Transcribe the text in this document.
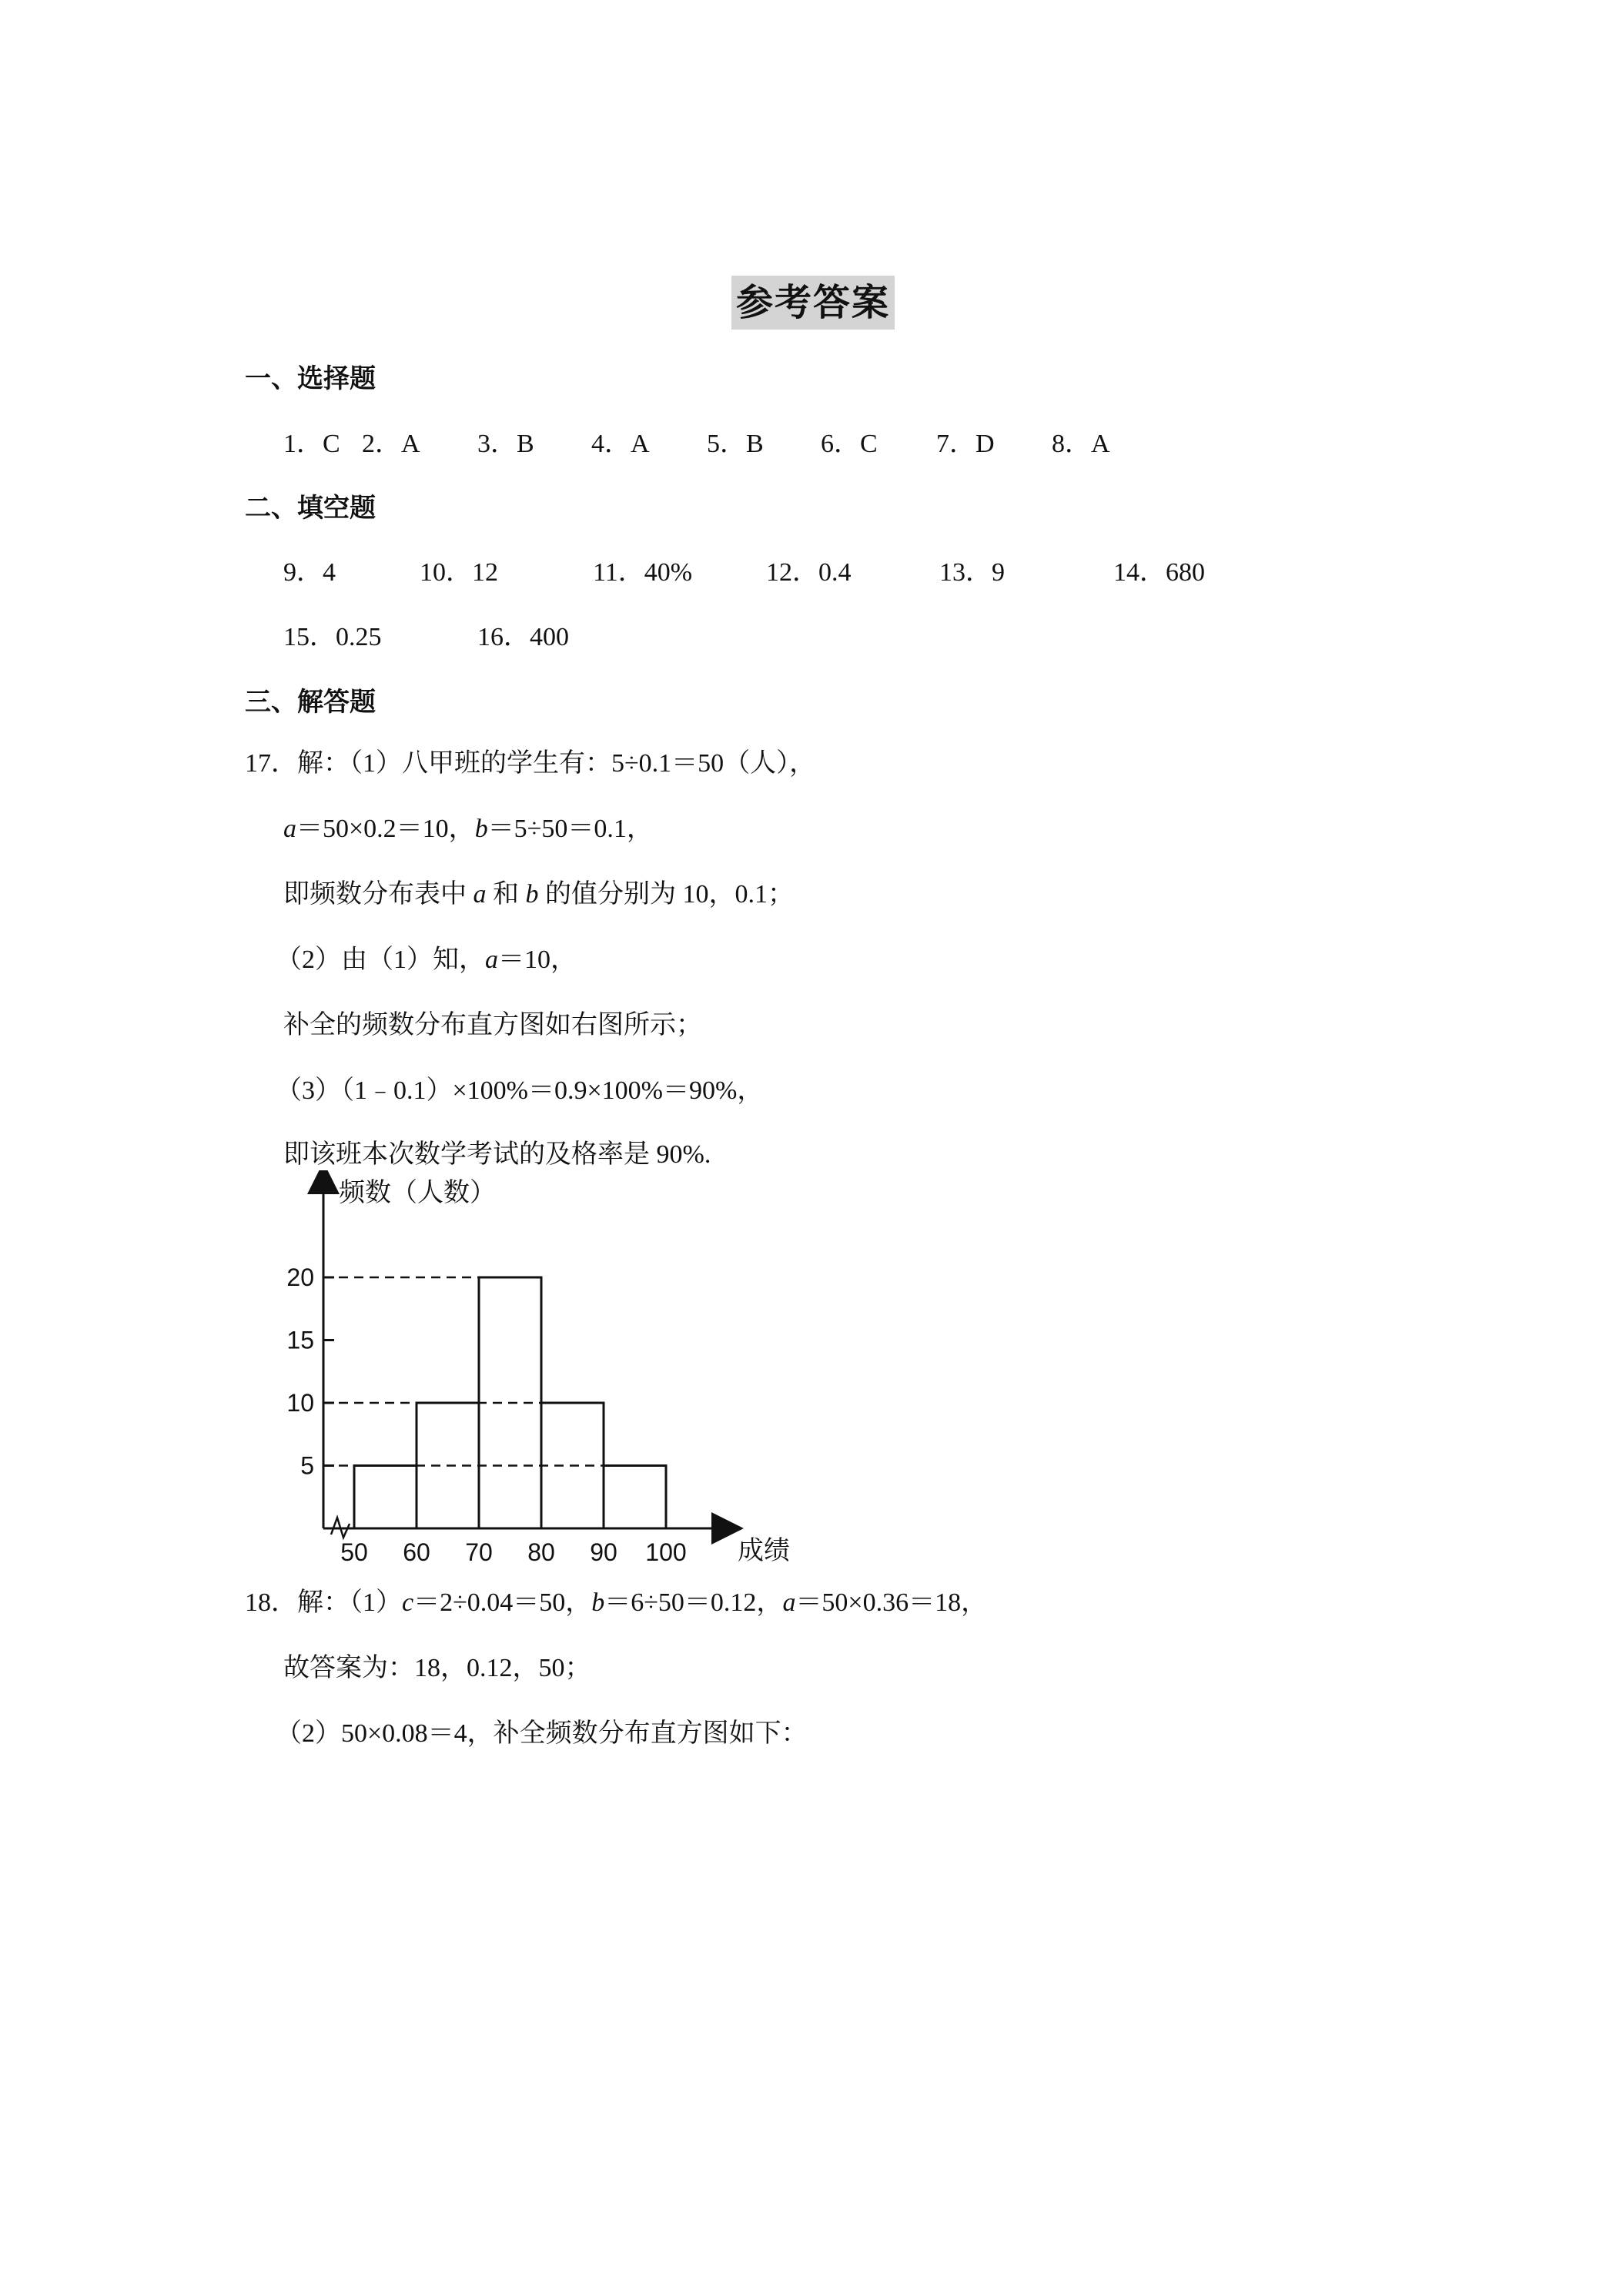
参考答案
一、选择题
1．C 2．A 3．B 4．A 5．B 6．C 7．D 8．A
二、填空题
9．4	10．12	11．40%	12．0.4	13．9	14．680
15．0.25	16．400
三、解答题
17．解：（1）八甲班的学生有：5÷0.1＝50（人），
a＝50×0.2＝10，b＝5÷50＝0.1，
即频数分布表中 a 和 b 的值分别为 10，0.1；
（2）由（1）知，a＝10，
补全的频数分布直方图如右图所示；
（3）（1﹣0.1）×100%＝0.9×100%＝90%，
即该班本次数学考试的及格率是 90%.
5
10
15
20
50 60 70 80 90 100
频数（人数）
成绩
18．解：（1）c＝2÷0.04＝50，b＝6÷50＝0.12，a＝50×0.36＝18，
故答案为：18，0.12，50；
（2）50×0.08＝4，补全频数分布直方图如下：
